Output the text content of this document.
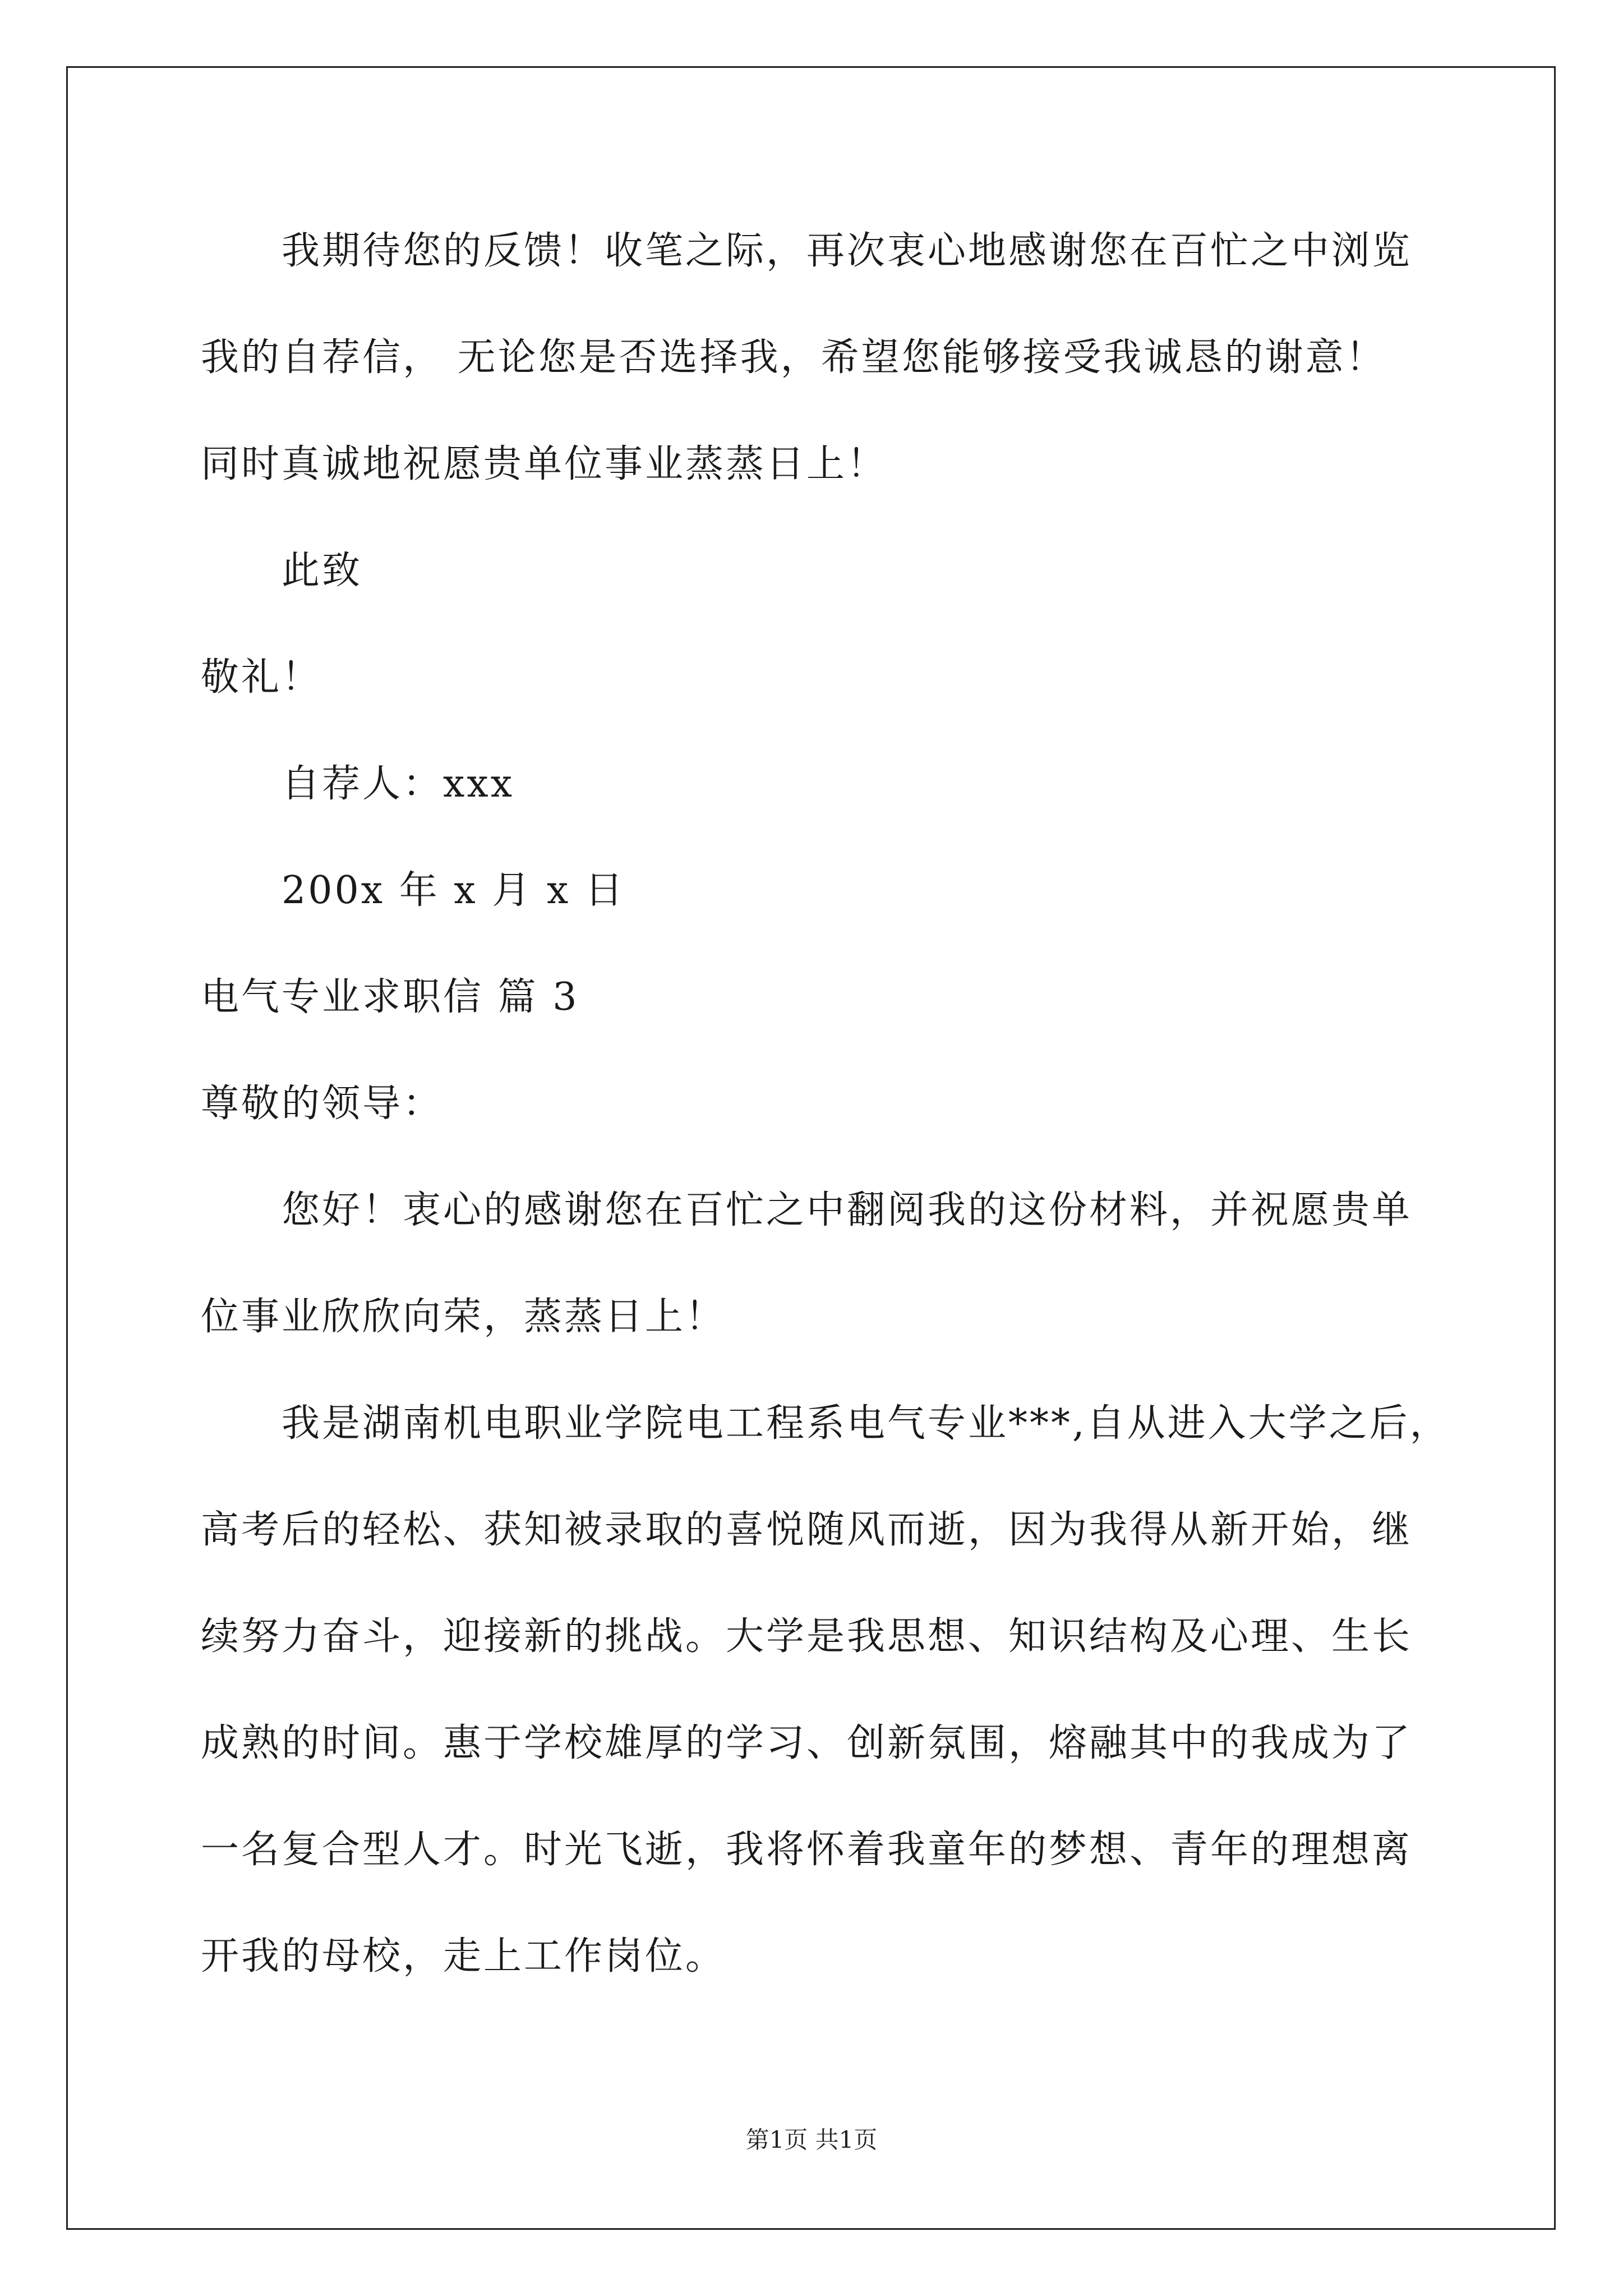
我期待您的反馈！收笔之际，再次衷心地感谢您在百忙之中浏览
我的自荐信， 无论您是否选择我，希望您能够接受我诚恳的谢意！
同时真诚地祝愿贵单位事业蒸蒸日上！
此致
敬礼！
自荐人：xxx
200x 年 x 月 x 日
电气专业求职信 篇 3
尊敬的领导：
您好！衷心的感谢您在百忙之中翻阅我的这份材料，并祝愿贵单
位事业欣欣向荣，蒸蒸日上！
我是湖南机电职业学院电工程系电气专业***,自从进入大学之后，
高考后的轻松、获知被录取的喜悦随风而逝，因为我得从新开始，继
续努力奋斗，迎接新的挑战。大学是我思想、知识结构及心理、生长
成熟的时间。惠于学校雄厚的学习、创新氛围，熔融其中的我成为了
一名复合型人才。时光飞逝，我将怀着我童年的梦想、青年的理想离
开我的母校，走上工作岗位。
第1页 共1页
